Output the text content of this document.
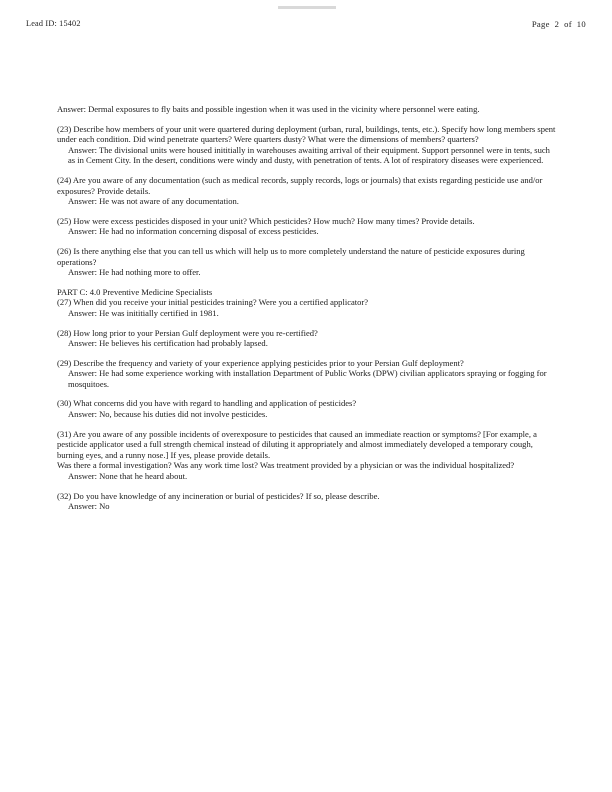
Lead ID: 15402	Page  2  of  10

Answer: Dermal exposures to fly baits and possible ingestion when it was used in the vicinity where personnel were eating.

(23) Describe how members of your unit were quartered during deployment (urban, rural, buildings, tents, etc.). Specify how long members spent under each condition. Did wind penetrate quarters? Were quarters dusty? What were the dimensions of members? quarters?

Answer: The divisional units were housed inititially in warehouses awaiting arrival of their equipment. Support personnel were in tents, such as in Cement City. In the desert, conditions were windy and dusty, with penetration of tents. A lot of respiratory diseases were experienced.

(24) Are you aware of any documentation (such as medical records, supply records, logs or journals) that exists regarding pesticide use and/or exposures? Provide details.

Answer: He was not aware of any documentation.

(25) How were excess pesticides disposed in your unit? Which pesticides? How much? How many times? Provide details.

Answer: He had no information concerning disposal of excess pesticides.

(26) Is there anything else that you can tell us which will help us to more completely understand the nature of pesticide exposures during operations?

Answer: He had nothing more to offer.

PART C: 4.0 Preventive Medicine Specialists

(27) When did you receive your initial pesticides training? Were you a certified applicator?

Answer: He was inititially certified in 1981.

(28) How long prior to your Persian Gulf deployment were you re-certified?

Answer: He believes his certification had probably lapsed.

(29) Describe the frequency and variety of your experience applying pesticides prior to your Persian Gulf deployment?

Answer: He had some experience working with installation Department of Public Works (DPW) civilian applicators spraying or fogging for mosquitoes.

(30) What concerns did you have with regard to handling and application of pesticides?

Answer: No, because his duties did not involve pesticides.

(31) Are you aware of any possible incidents of overexposure to pesticides that caused an immediate reaction or symptoms? [For example, a pesticide applicator used a full strength chemical instead of diluting it appropriately and almost immediately developed a temporary cough, burning eyes, and a runny nose.] If yes, please provide details.

Was there a formal investigation? Was any work time lost? Was treatment provided by a physician or was the individual hospitalized?

Answer: None that he heard about.

(32) Do you have knowledge of any incineration or burial of pesticides? If so, please describe.

Answer: No
